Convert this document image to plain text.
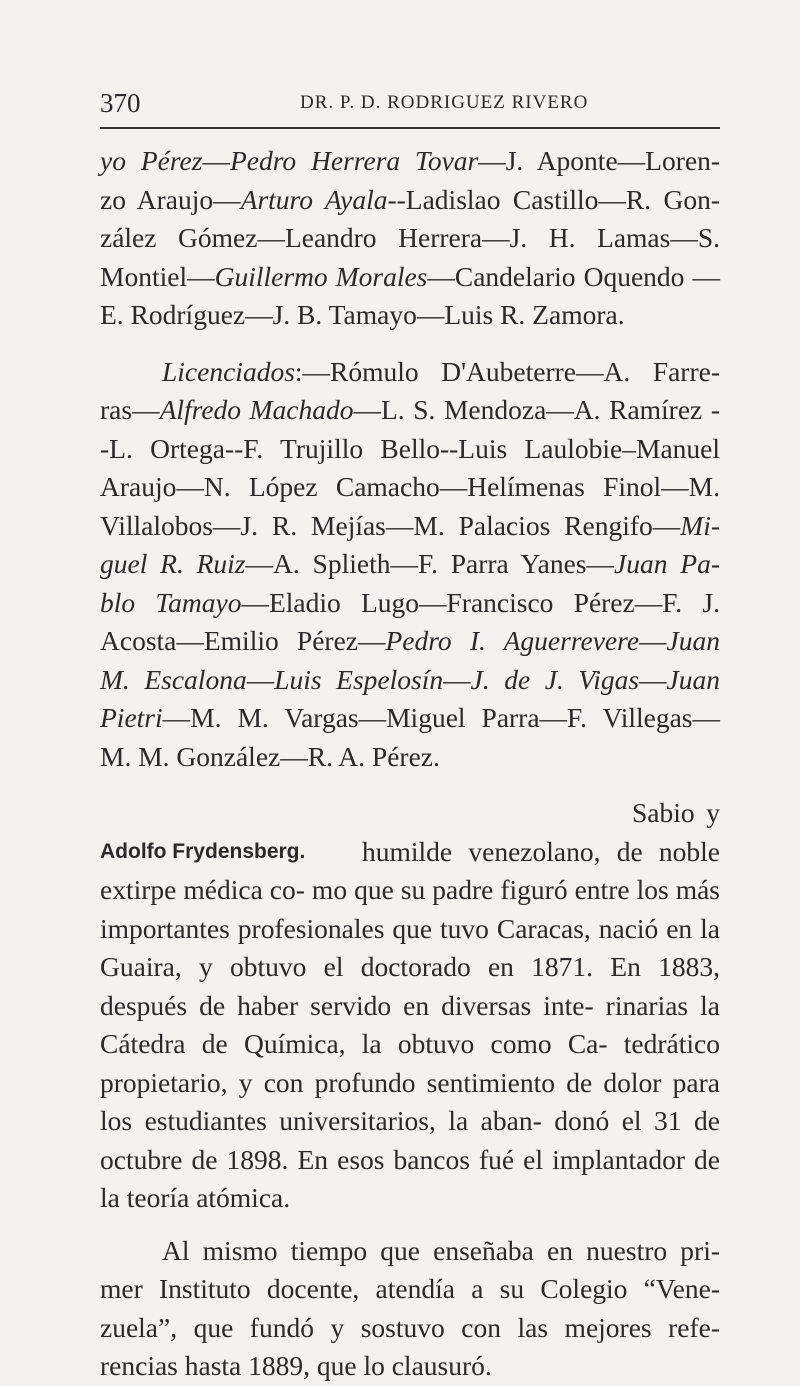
370	DR. P. D. RODRIGUEZ RIVERO

yo Pérez—Pedro Herrera Tovar—J. Aponte—Loren- zo Araujo—Arturo Ayala--Ladislao Castillo—R. Gon- zález Gómez—Leandro Herrera—J. H. Lamas—S. Montiel—Guillermo Morales—Candelario Oquendo —E. Rodríguez—J. B. Tamayo—Luis R. Zamora.

Licenciados:—Rómulo D'Aubeterre—A. Farre- ras—Alfredo Machado—L. S. Mendoza—A. Ramírez --L. Ortega--F. Trujillo Bello--Luis Laulobie–Manuel Araujo—N. López Camacho—Helímenas Finol—M. Villalobos—J. R. Mejías—M. Palacios Rengifo—Mi- guel R. Ruiz—A. Splieth—F. Parra Yanes—Juan Pa- blo Tamayo—Eladio Lugo—Francisco Pérez—F. J. Acosta—Emilio Pérez—Pedro I. Aguerrevere—Juan M. Escalona—Luis Espelosín—J. de J. Vigas—Juan Pietri—M. M. Vargas—Miguel Parra—F. Villegas— M. M. González—R. A. Pérez.

Adolfo Frydensberg.

Sabio y humilde venezolano, de noble extirpe médica co- mo que su padre figuró entre los más importantes profesionales que tuvo Caracas, nació en la Guaira, y obtuvo el doctorado en 1871. En 1883, después de haber servido en diversas inte- rinarias la Cátedra de Química, la obtuvo como Ca- tedrático propietario, y con profundo sentimiento de dolor para los estudiantes universitarios, la aban- donó el 31 de octubre de 1898. En esos bancos fué el implantador de la teoría atómica.

Al mismo tiempo que enseñaba en nuestro pri- mer Instituto docente, atendía a su Colegio “Vene- zuela”, que fundó y sostuvo con las mejores refe- rencias hasta 1889, que lo clausuró.
